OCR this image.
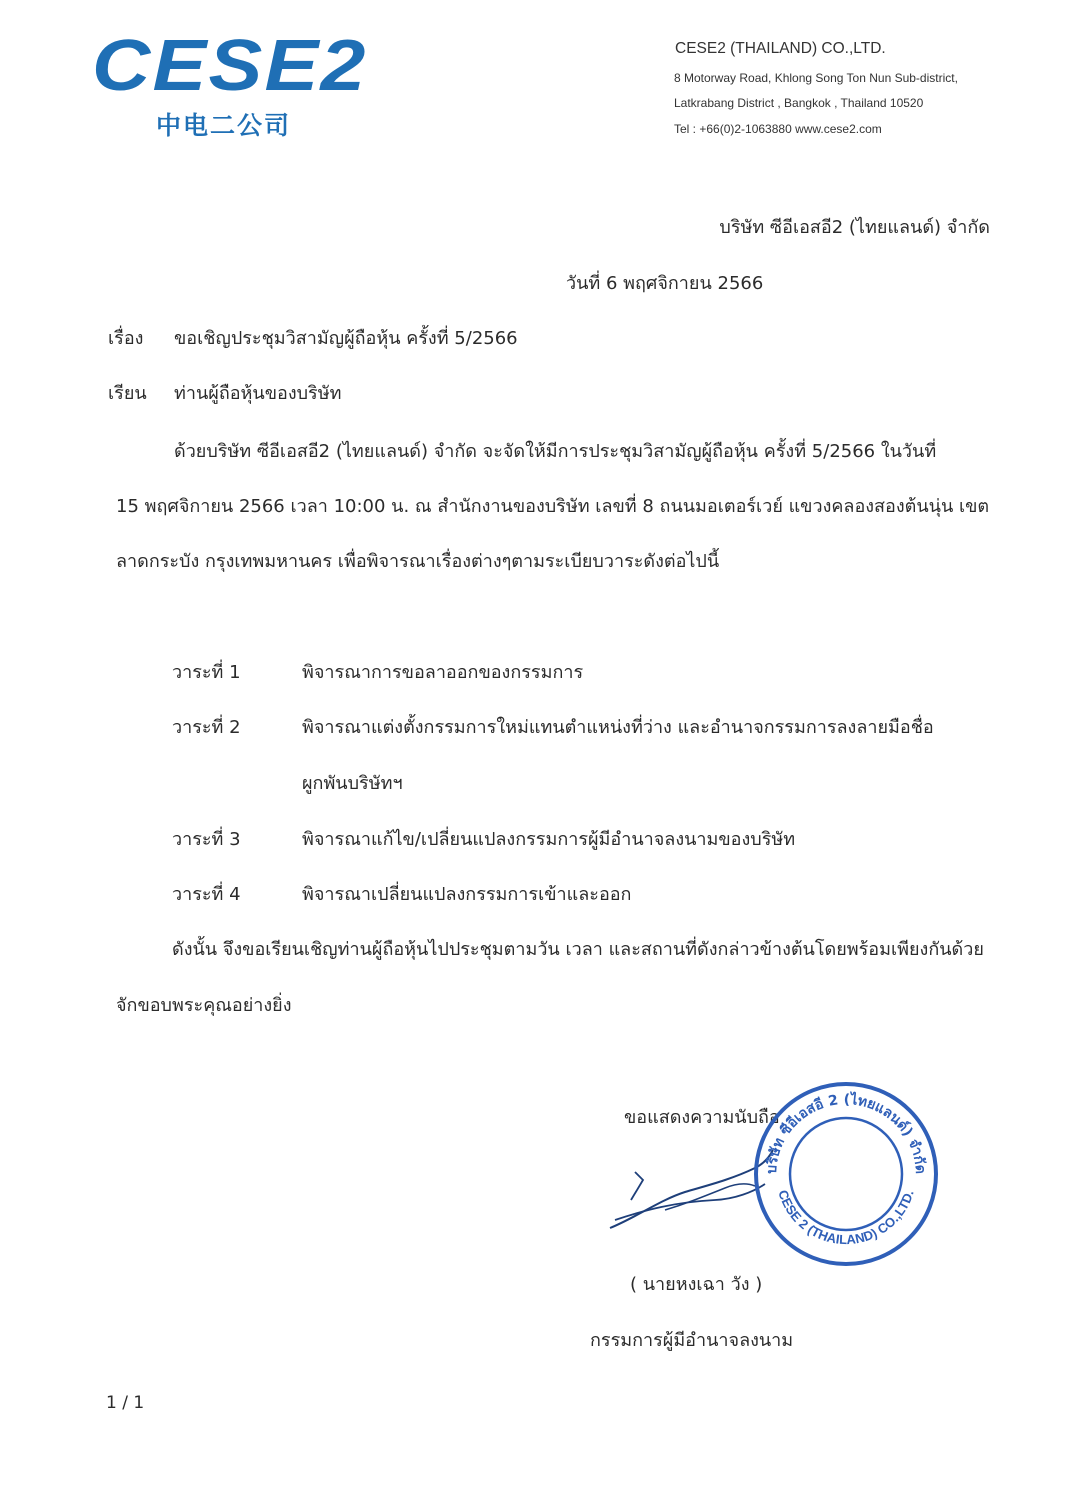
CESE2
中电二公司
CESE2 (THAILAND) CO.,LTD.
8 Motorway Road, Khlong Song Ton Nun Sub-district,
Latkrabang District , Bangkok , Thailand 10520
Tel : +66(0)2-1063880 www.cese2.com
บริษัท ซีอีเอสอี2 (ไทยแลนด์) จำกัด
วันที่ 6 พฤศจิกายน 2566
เรื่อง ขอเชิญประชุมวิสามัญผู้ถือหุ้น ครั้งที่ 5/2566
เรียน ท่านผู้ถือหุ้นของบริษัท
ด้วยบริษัท ซีอีเอสอี2 (ไทยแลนด์) จำกัด จะจัดให้มีการประชุมวิสามัญผู้ถือหุ้น ครั้งที่ 5/2566 ในวันที่
15 พฤศจิกายน 2566 เวลา 10:00 น. ณ สำนักงานของบริษัท เลขที่ 8 ถนนมอเตอร์เวย์ แขวงคลองสองต้นนุ่น เขต
ลาดกระบัง กรุงเทพมหานคร เพื่อพิจารณาเรื่องต่างๆตามระเบียบวาระดังต่อไปนี้
วาระที่ 1	พิจารณาการขอลาออกของกรรมการ
วาระที่ 2	พิจารณาแต่งตั้งกรรมการใหม่แทนตำแหน่งที่ว่าง และอำนาจกรรมการลงลายมือชื่อ
ผูกพันบริษัทฯ
วาระที่ 3	พิจารณาแก้ไข/เปลี่ยนแปลงกรรมการผู้มีอำนาจลงนามของบริษัท
วาระที่ 4	พิจารณาเปลี่ยนแปลงกรรมการเข้าและออก
ดังนั้น จึงขอเรียนเชิญท่านผู้ถือหุ้นไปประชุมตามวัน เวลา และสถานที่ดังกล่าวข้างต้นโดยพร้อมเพียงกันด้วย
จักขอบพระคุณอย่างยิ่ง
ขอแสดงความนับถือ
บริษัท ซีอีเอสอี 2 (ไทยแลนด์) จำกัด
CESE 2 (THAILAND) CO.,LTD.
( นายหงเฉา วัง )
กรรมการผู้มีอำนาจลงนาม
1 / 1
